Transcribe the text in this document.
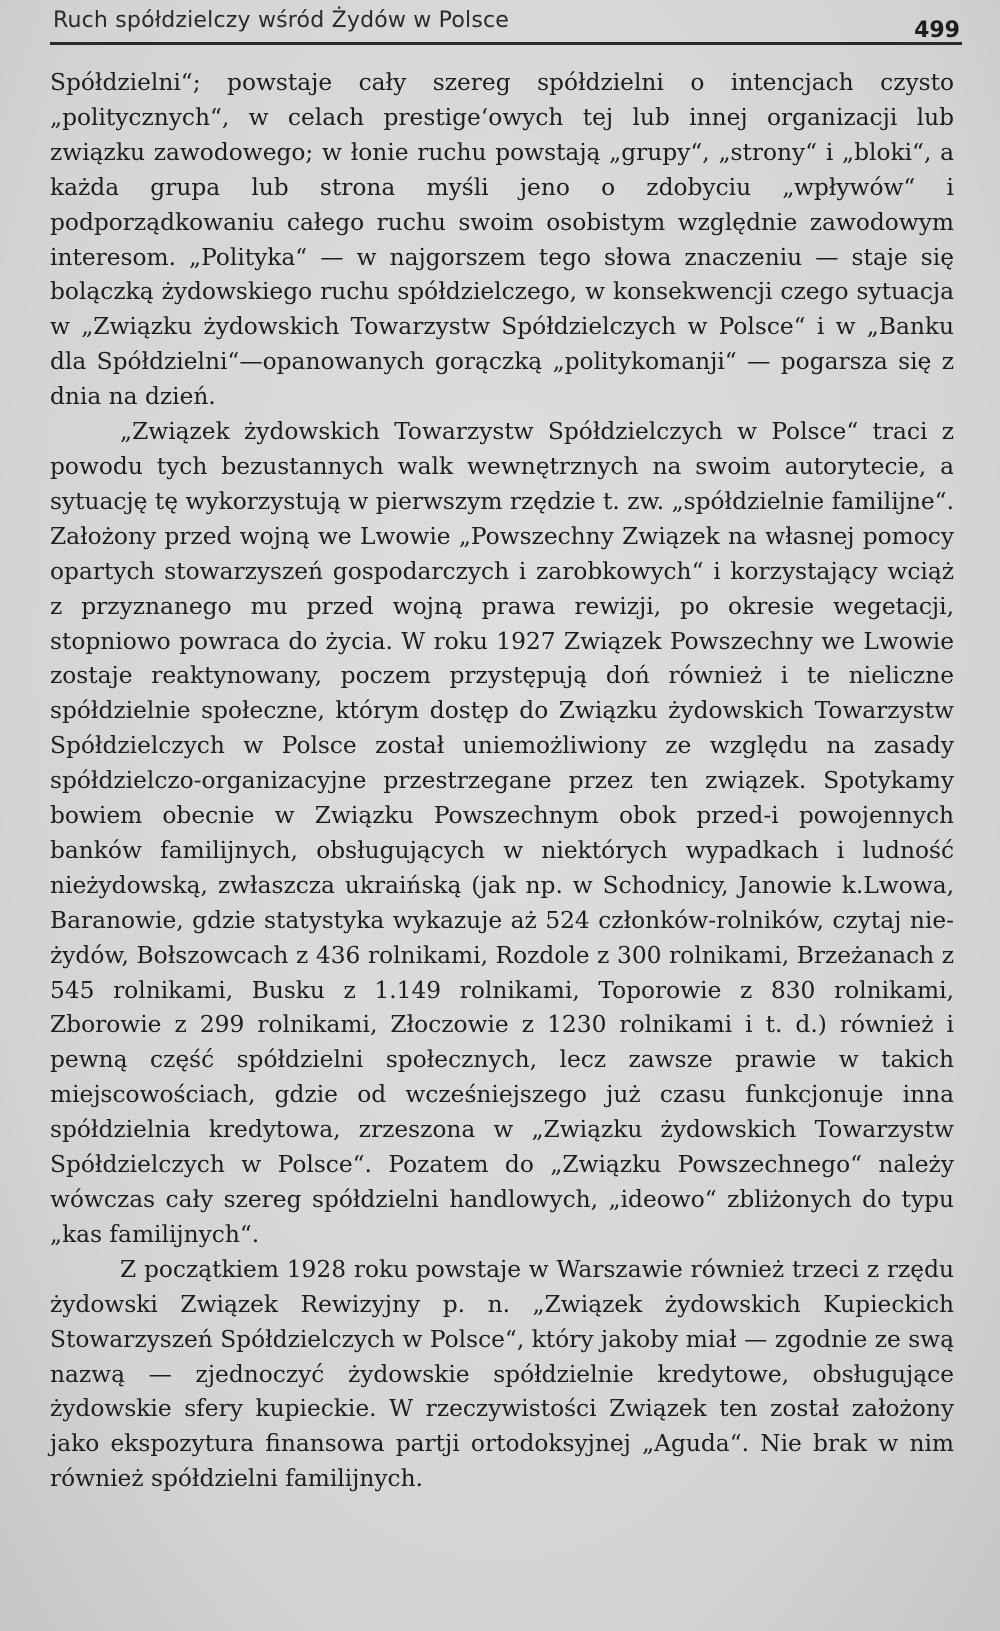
Ruch spółdzielczy wśród Żydów w Polsce	499

Spółdzielni“; powstaje cały szereg spółdzielni o intencjach czysto „politycznych“, w celach prestige‘owych tej lub innej organizacji lub związku zawodowego; w łonie ruchu powstają „grupy“, „strony“ i „bloki“, a każda grupa lub strona myśli jeno o zdobyciu „wpływów“ i podporządkowaniu całego ruchu swoim osobistym względnie zawodowym interesom. „Polityka“ — w najgorszem tego słowa znaczeniu — staje się bolączką żydowskiego ruchu spółdzielczego, w konsekwencji czego sytuacja w „Związku żydowskich Towarzystw Spółdzielczych w Polsce“ i w „Banku dla Spółdzielni“—opanowanych gorączką „politykomanji“ — pogarsza się z dnia na dzień.

„Związek żydowskich Towarzystw Spółdzielczych w Polsce“ traci z powodu tych bezustannych walk wewnętrznych na swoim autorytecie, a sytuację tę wykorzystują w pierwszym rzędzie t. zw. „spółdzielnie familijne“. Założony przed wojną we Lwowie „Powszechny Związek na własnej pomocy opartych stowarzyszeń gospodarczych i zarobkowych“ i korzystający wciąż z przyznanego mu przed wojną prawa rewizji, po okresie wegetacji, stopniowo powraca do życia. W roku 1927 Związek Powszechny we Lwowie zostaje reaktynowany, poczem przystępują doń również i te nieliczne spółdzielnie społeczne, którym dostęp do Związku żydowskich Towarzystw Spółdzielczych w Polsce został uniemożliwiony ze względu na zasady spółdzielczo-organizacyjne przestrzegane przez ten związek. Spotykamy bowiem obecnie w Związku Powszechnym obok przed-i powojennych banków familijnych, obsługujących w niektórych wypadkach i ludność nieżydowską, zwłaszcza ukraińską (jak np. w Schodnicy, Janowie k.Lwowa, Baranowie, gdzie statystyka wykazuje aż 524 członków-rolników, czytaj nie-żydów, Bołszowcach z 436 rolnikami, Rozdole z 300 rolnikami, Brzeżanach z 545 rolnikami, Busku z 1.149 rolnikami, Toporowie z 830 rolnikami, Zborowie z 299 rolnikami, Złoczowie z 1230 rolnikami i t. d.) również i pewną część spółdzielni społecznych, lecz zawsze prawie w takich miejscowościach, gdzie od wcześniejszego już czasu funkcjonuje inna spółdzielnia kredytowa, zrzeszona w „Związku żydowskich Towarzystw Spółdzielczych w Polsce“. Pozatem do „Związku Powszechnego“ należy wówczas cały szereg spółdzielni handlowych, „ideowo“ zbliżonych do typu „kas familijnych“.

Z początkiem 1928 roku powstaje w Warszawie również trzeci z rzędu żydowski Związek Rewizyjny p. n. „Związek żydowskich Kupieckich Stowarzyszeń Spółdzielczych w Polsce“, który jakoby miał — zgodnie ze swą nazwą — zjednoczyć żydowskie spółdzielnie kredytowe, obsługujące żydowskie sfery kupieckie. W rzeczywistości Związek ten został założony jako ekspozytura finansowa partji ortodoksyjnej „Aguda“. Nie brak w nim również spółdzielni familijnych.
